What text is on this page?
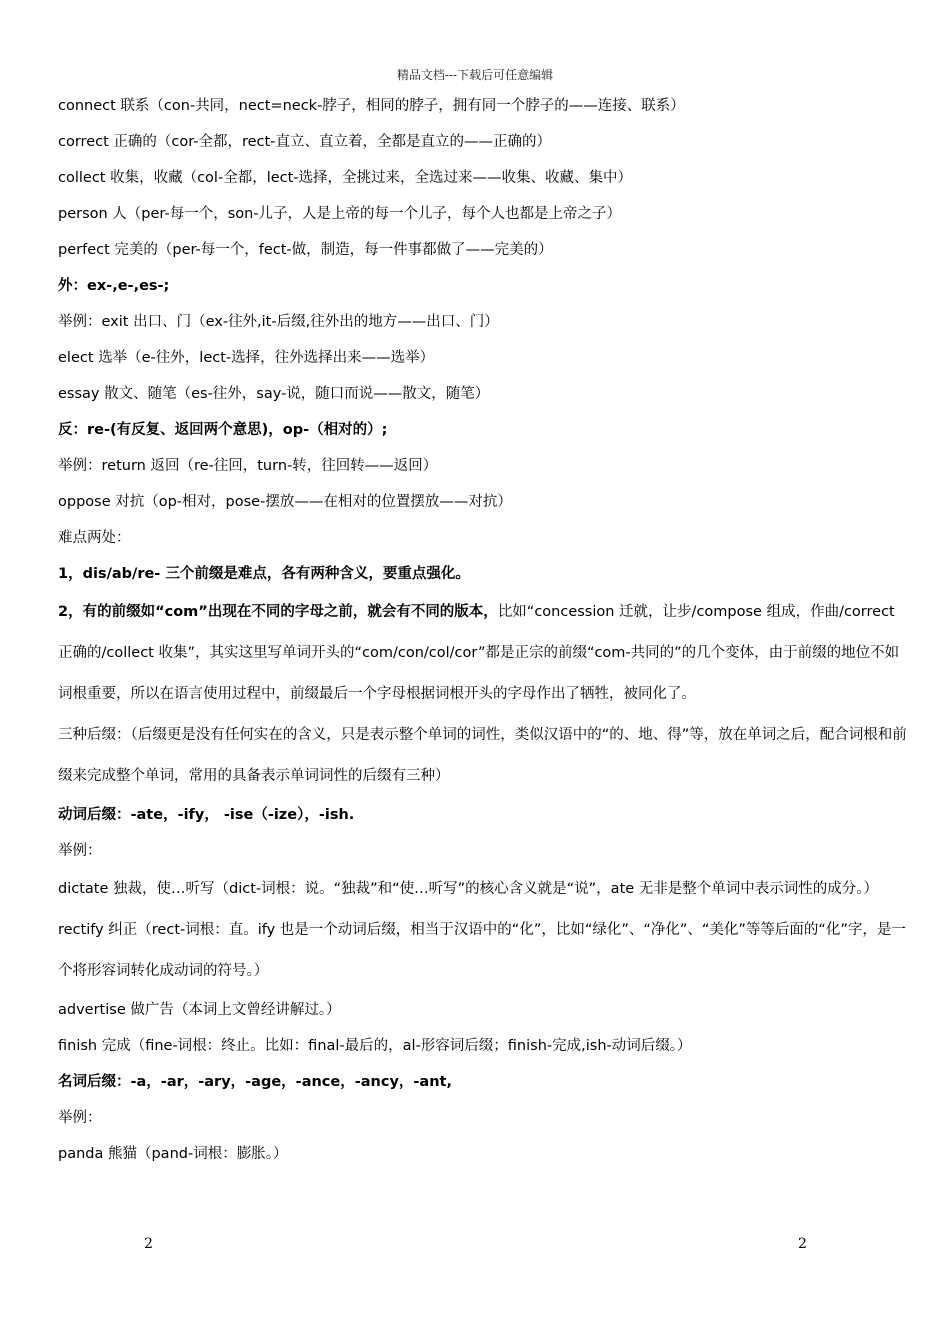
精品文档---下载后可任意编辑
connect 联系（con-共同，nect=neck-脖子，相同的脖子，拥有同一个脖子的——连接、联系）
correct 正确的（cor-全都，rect-直立、直立着，全都是直立的——正确的）
collect 收集，收藏（col-全都，lect-选择，全挑过来，全选过来——收集、收藏、集中）
person 人（per-每一个，son-儿子，人是上帝的每一个儿子，每个人也都是上帝之子）
perfect 完美的（per-每一个，fect-做，制造，每一件事都做了——完美的）
外：ex-,e-,es-;
举例：exit 出口、门（ex-往外,it-后缀,往外出的地方——出口、门）
elect 选举（e-往外，lect-选择，往外选择出来——选举）
essay 散文、随笔（es-往外，say-说，随口而说——散文，随笔）
反：re-(有反复、返回两个意思)，op-（相对的）;
举例：return 返回（re-往回，turn-转，往回转——返回）
oppose 对抗（op-相对，pose-摆放——在相对的位置摆放——对抗）
难点两处：
1，dis/ab/re- 三个前缀是难点，各有两种含义，要重点强化。
2，有的前缀如“com”出现在不同的字母之前，就会有不同的版本，比如“concession 迁就，让步/compose 组成，作曲/correct 正确的/collect 收集”，其实这里写单词开头的“com/con/col/cor”都是正宗的前缀“com-共同的”的几个变体，由于前缀的地位不如词根重要，所以在语言使用过程中，前缀最后一个字母根据词根开头的字母作出了牺牲，被同化了。
三种后缀：（后缀更是没有任何实在的含义，只是表示整个单词的词性，类似汉语中的“的、地、得”等，放在单词之后，配合词根和前缀来完成整个单词，常用的具备表示单词词性的后缀有三种）
动词后缀：-ate，-ify， -ise（-ize），-ish.
举例：
dictate 独裁，使…听写（dict-词根：说。“独裁”和“使…听写”的核心含义就是“说”，ate 无非是整个单词中表示词性的成分。）
rectify 纠正（rect-词根：直。ify 也是一个动词后缀，相当于汉语中的“化”，比如“绿化”、“净化”、“美化”等等后面的“化”字，是一个将形容词转化成动词的符号。）
advertise 做广告（本词上文曾经讲解过。）
finish 完成（fine-词根：终止。比如：final-最后的，al-形容词后缀；finish-完成,ish-动词后缀。）
名词后缀：-a，-ar，-ary，-age，-ance，-ancy，-ant,
举例：
panda 熊猫（pand-词根：膨胀。）
2	2
